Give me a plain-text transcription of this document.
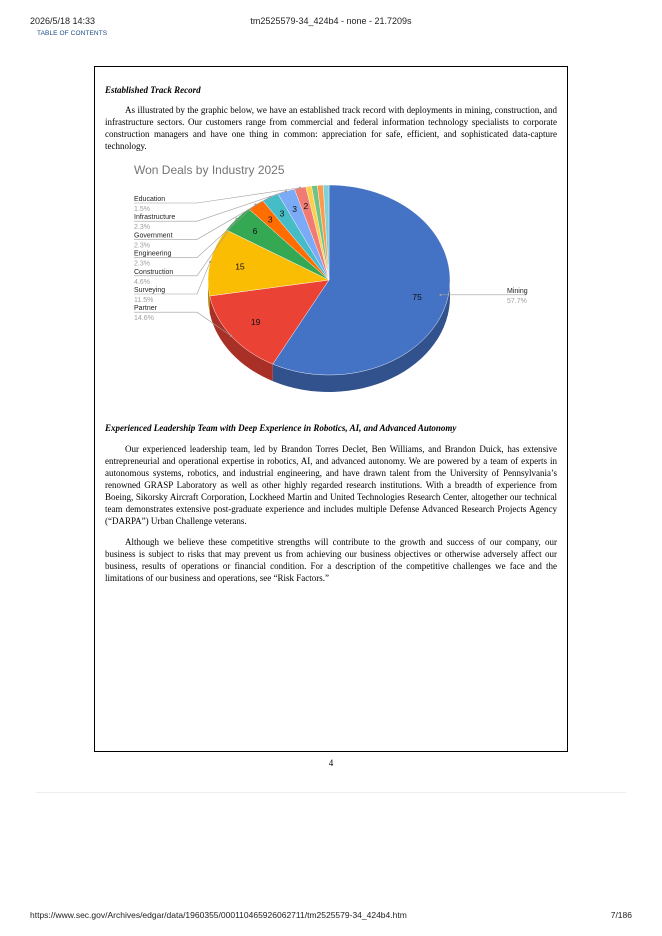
2026/5/18 14:33	tm2525579-34_424b4 - none - 21.7209s
TABLE OF CONTENTS

Established Track Record

As illustrated by the graphic below, we have an established track record with deployments in mining, construction, and infrastructure sectors. Our customers range from commercial and federal information technology specialists to corporate construction managers and have one thing in common: appreciation for safe, efficient, and sophisticated data-capture technology.

Experienced Leadership Team with Deep Experience in Robotics, AI, and Advanced Autonomy

Our experienced leadership team, led by Brandon Torres Declet, Ben Williams, and Brandon Duick, has extensive entrepreneurial and operational expertise in robotics, AI, and advanced autonomy. We are powered by a team of experts in autonomous systems, robotics, and industrial engineering, and have drawn talent from the University of Pennsylvania’s renowned GRASP Laboratory as well as other highly regarded research institutions. With a breadth of experience from Boeing, Sikorsky Aircraft Corporation, Lockheed Martin and United Technologies Research Center, altogether our technical team demonstrates extensive post-graduate experience and includes multiple Defense Advanced Research Projects Agency (“DARPA”) Urban Challenge veterans.

Although we believe these competitive strengths will contribute to the growth and success of our company, our business is subject to risks that may prevent us from achieving our business objectives or otherwise adversely affect our business, results of operations or financial condition. For a description of the competitive challenges we face and the limitations of our business and operations, see “Risk Factors.”

Won Deals by Industry 2025
75
19
15
6
3
3 3 2
Education
1.5%
Infrastructure
2.3%
Government
2.3%
Engineering
2.3%
Construction
4.6%
Surveying
11.5%
Partner
14.6%
Mining
57.7%
4
https://www.sec.gov/Archives/edgar/data/1960355/000110465926062711/tm2525579-34_424b4.htm	7/186
